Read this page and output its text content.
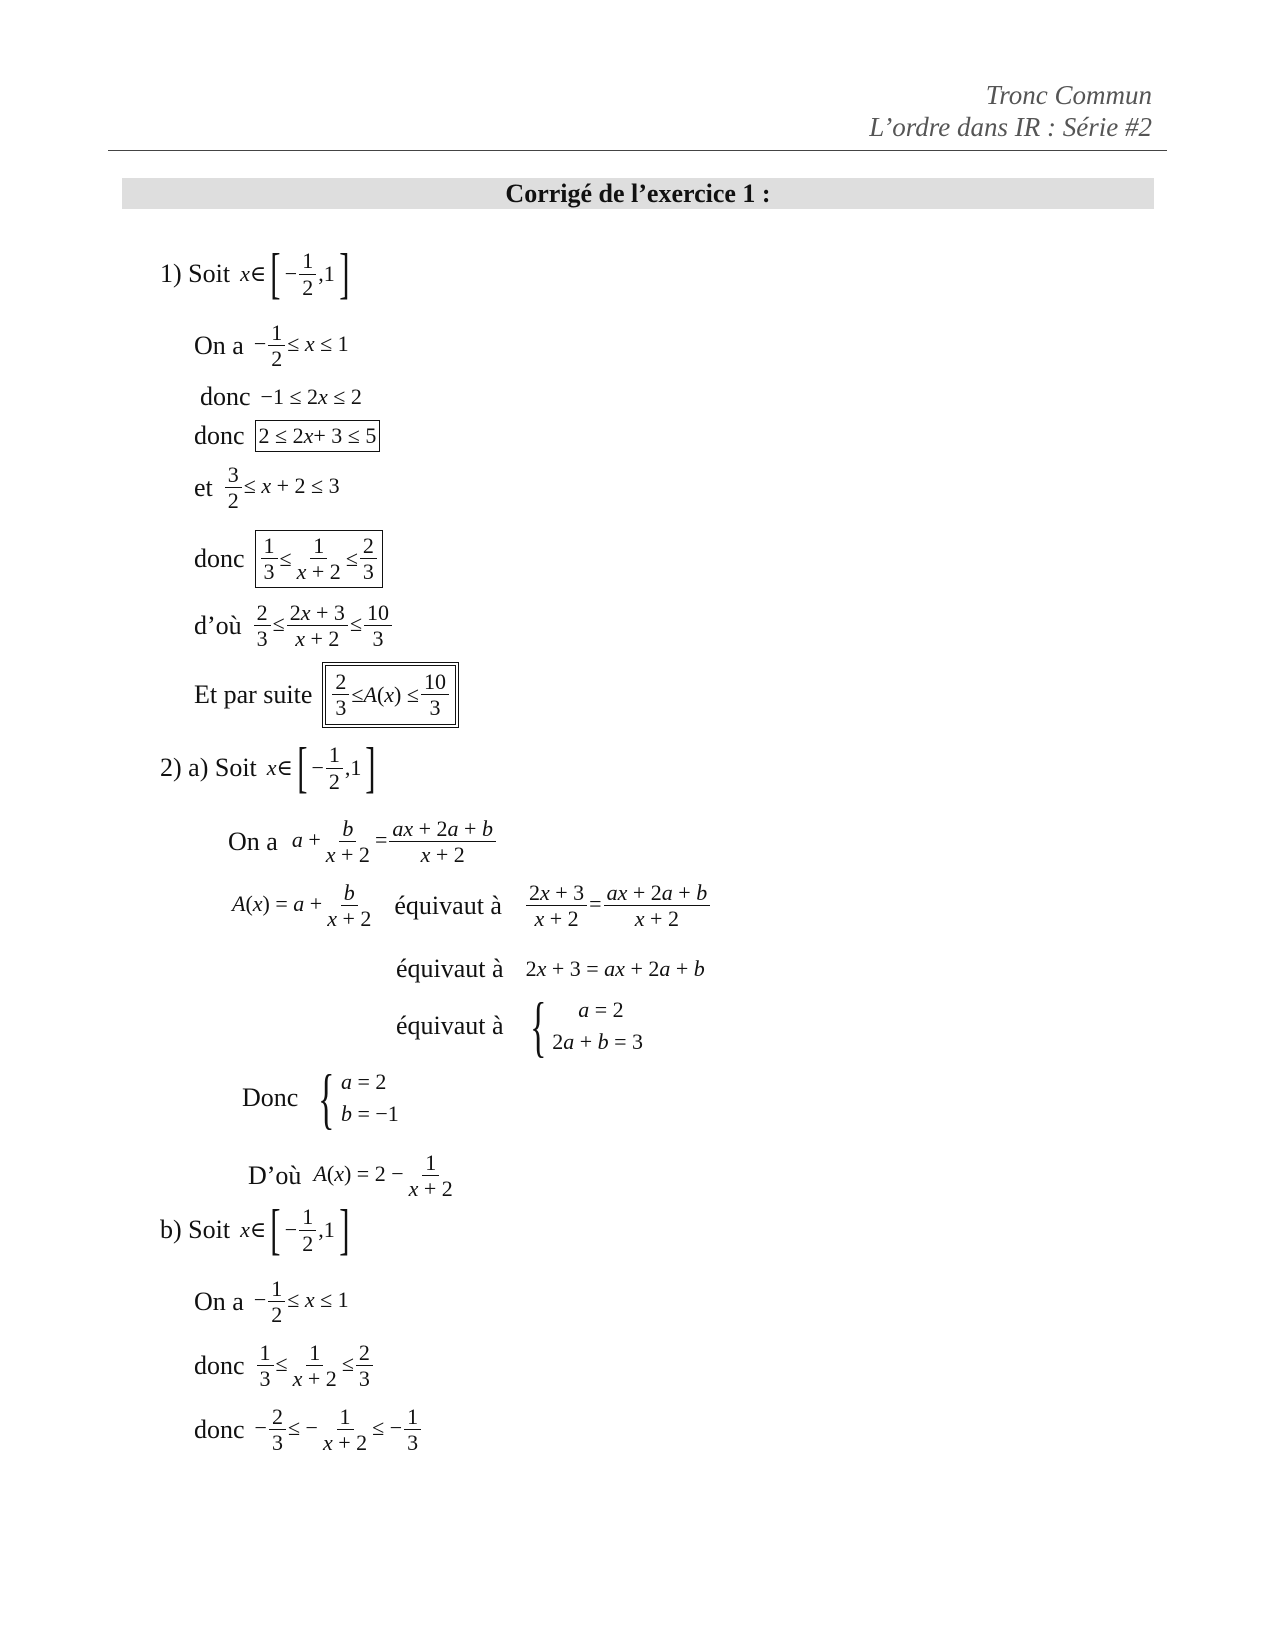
Tronc Commun
L’ordre dans IR : Série #2
Corrigé de l’exercice 1 :
1) Soit x∈ [ − $\frac{1}{2} ,1$ ]
On $a - \frac{1}{2} \le x \le 1$
donc −1 ≤ 2x ≤ 2
donc 2 ≤ 2 x + 3 ≤ 5
et $\frac{3}{2} \le x + 2 \le 3$
donc $\frac{1}{3} \le \frac{1}{x + 2} \le \frac{2}{3}$
d’où $\frac{2}{3} \le \frac{2x + 3}{x + 2} \le \frac{10}{3}$
Et par suite $\frac{2}{3} \le A$ ( x ) ≤ $\frac{10}{3}$
2) a) Soit x∈ [ − $\frac{1}{2} ,1$ ]
On a $a + \frac{b}{x + 2} = \frac{ax + 2a + b}{x + 2}$
$A(x) = a + \frac{b}{x + 2}$ équivaut à $\frac{2x + 3}{x + 2} = \frac{ax + 2a + b}{x + 2}$
équivaut à 2x + 3 = ax + 2a + b
équivaut à {	a = 2
2a + b = 3
Donc { a = 2
b = −1
D’où $A(x) = 2 - \frac{1}{x + 2}$
b) Soit x∈ [ − $\frac{1}{2} ,1$ ]
On $a - \frac{1}{2} \le x \le 1$
donc $\frac{1}{3} \le \frac{1}{x + 2} \le \frac{2}{3}$
donc − $\frac{2}{3}$ ≤ − $\frac{1}{x + 2}$ ≤ − $\frac{1}{3}$
